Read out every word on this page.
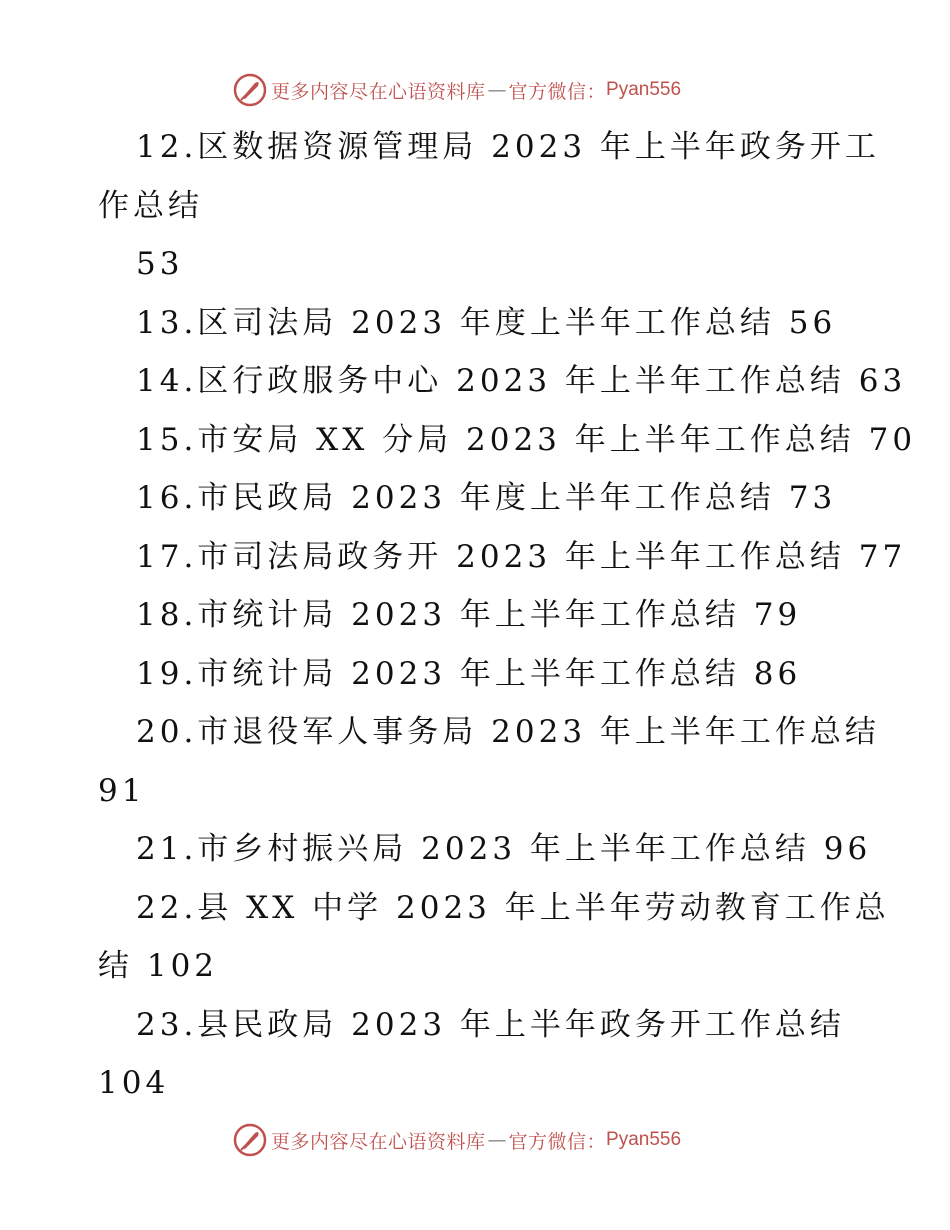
更多内容尽在心语资料库 — 官方微信： Pyan556
12.区数据资源管理局 2023 年上半年政务开工
作总结
53
13.区司法局 2023 年度上半年工作总结 56
14.区行政服务中心 2023 年上半年工作总结 63
15.市安局 XX 分局 2023 年上半年工作总结 70
16.市民政局 2023 年度上半年工作总结 73
17.市司法局政务开 2023 年上半年工作总结 77
18.市统计局 2023 年上半年工作总结 79
19.市统计局 2023 年上半年工作总结 86
20.市退役军人事务局 2023 年上半年工作总结
91
21.市乡村振兴局 2023 年上半年工作总结 96
22.县 XX 中学 2023 年上半年劳动教育工作总
结 102
23.县民政局 2023 年上半年政务开工作总结
104
更多内容尽在心语资料库 — 官方微信： Pyan556
